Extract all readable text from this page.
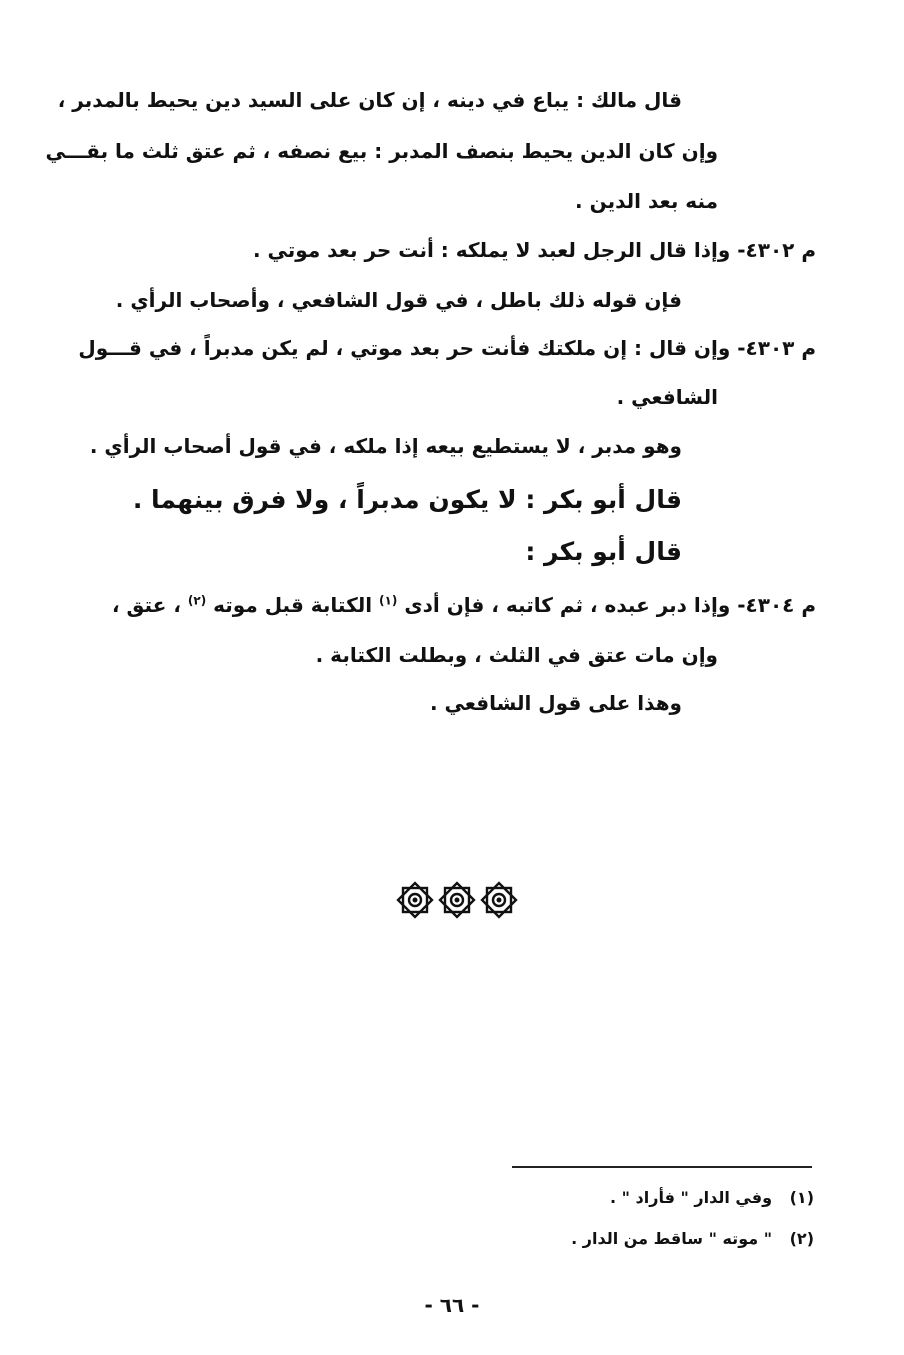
قال مالك : يباع في دينه ، إن كان على السيد دين يحيط بالمدبر ،
وإن كان الدين يحيط بنصف المدبر : بيع نصفه ، ثم عتق ثلث ما بقـــي
منه بعد الدين .
م ٤٣٠٢- وإذا قال الرجل لعبد لا يملكه : أنت حر بعد موتي .
فإن قوله ذلك باطل ، في قول الشافعي ، وأصحاب الرأي .
م ٤٣٠٣- وإن قال : إن ملكتك فأنت حر بعد موتي ، لم يكن مدبراً ، في قـــول
الشافعي .
وهو مدبر ، لا يستطيع بيعه إذا ملكه ، في قول أصحاب الرأي .
قال أبو بكر : لا يكون مدبراً ، ولا فرق بينهما .
قال أبو بكر :
م ٤٣٠٤- وإذا دبر عبده ، ثم كاتبه ، فإن أدى $^{(١)}$ الكتابة قبل موته $^{(٢)}$ ، عتق ،
وإن مات عتق في الثلث ، وبطلت الكتابة .
وهذا على قول الشافعي .
(١) وفي الدار " فأراد " .
(٢) " موته " ساقط من الدار .
- ٦٦ -
